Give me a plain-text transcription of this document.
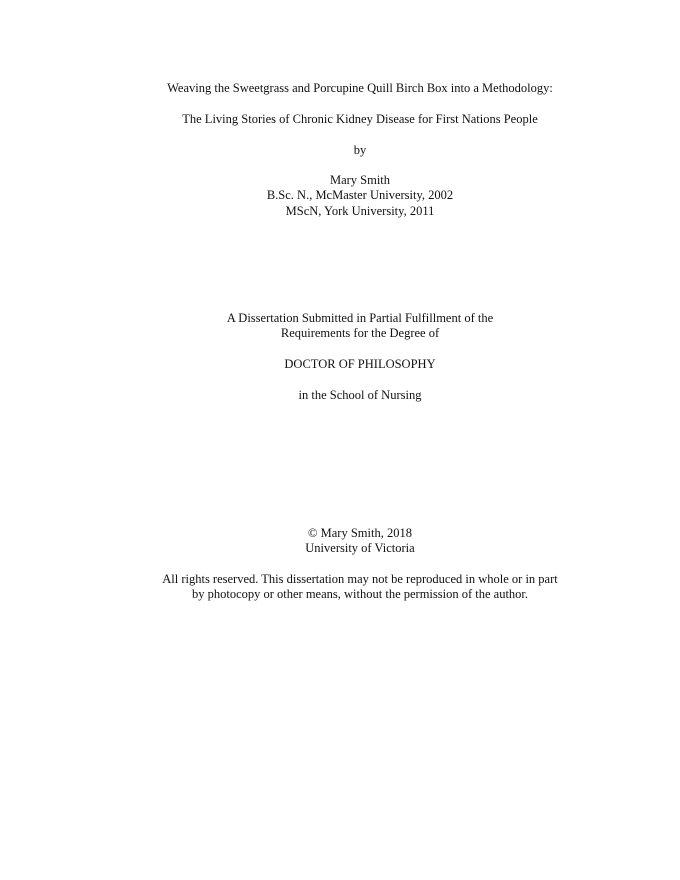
Weaving the Sweetgrass and Porcupine Quill Birch Box into a Methodology:
The Living Stories of Chronic Kidney Disease for First Nations People
by
Mary Smith
B.Sc. N., McMaster University, 2002
MScN, York University, 2011
A Dissertation Submitted in Partial Fulfillment of the
Requirements for the Degree of
DOCTOR OF PHILOSOPHY
in the School of Nursing
© Mary Smith, 2018
University of Victoria
All rights reserved. This dissertation may not be reproduced in whole or in part
by photocopy or other means, without the permission of the author.
